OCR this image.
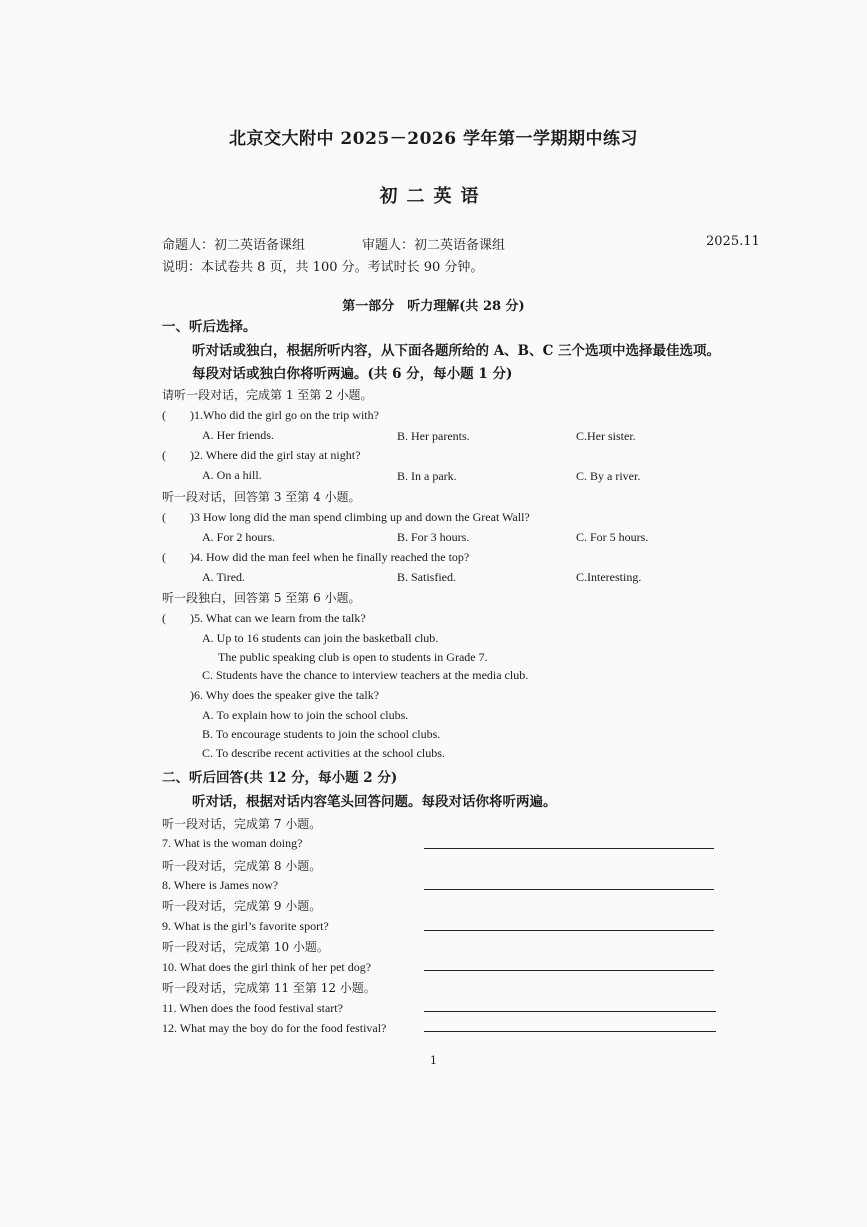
北京交大附中 2025－2026 学年第一学期期中练习
初二英语
命题人：初二英语备课组	审题人：初二英语备课组	2025.11
说明：本试卷共 8 页，共 100 分。考试时长 90 分钟。
第一部分　听力理解(共 28 分)
一、听后选择。
听对话或独白，根据所听内容，从下面各题所给的 A、B、C 三个选项中选择最佳选项。
每段对话或独白你将听两遍。(共 6 分，每小题 1 分)
请听一段对话，完成第 1 至第 2 小题。
( )1.Who did the girl go on the trip with?
A. Her friends.	B. Her parents.	C.Her sister.
( )2. Where did the girl stay at night?
A. On a hill.	B. In a park.	C. By a river.
听一段对话，回答第 3 至第 4 小题。
( )3 How long did the man spend climbing up and down the Great Wall?
A. For 2 hours.	B. For 3 hours.	C. For 5 hours.
( )4. How did the man feel when he finally reached the top?
A. Tired.	B. Satisfied.	C.Interesting.
听一段独白，回答第 5 至第 6 小题。
( )5. What can we learn from the talk?
A. Up to 16 students can join the basketball club.
The public speaking club is open to students in Grade 7.
C. Students have the chance to interview teachers at the media club.
)6. Why does the speaker give the talk?
A. To explain how to join the school clubs.
B. To encourage students to join the school clubs.
C. To describe recent activities at the school clubs.
二、听后回答(共 12 分，每小题 2 分)
听对话，根据对话内容笔头回答问题。每段对话你将听两遍。
听一段对话，完成第 7 小题。
7. What is the woman doing?
听一段对话，完成第 8 小题。
8. Where is James now?
听一段对话，完成第 9 小题。
9. What is the girl’s favorite sport?
听一段对话，完成第 10 小题。
10. What does the girl think of her pet dog?
听一段对话，完成第 11 至第 12 小题。
11. When does the food festival start?
12. What may the boy do for the food festival?
1
